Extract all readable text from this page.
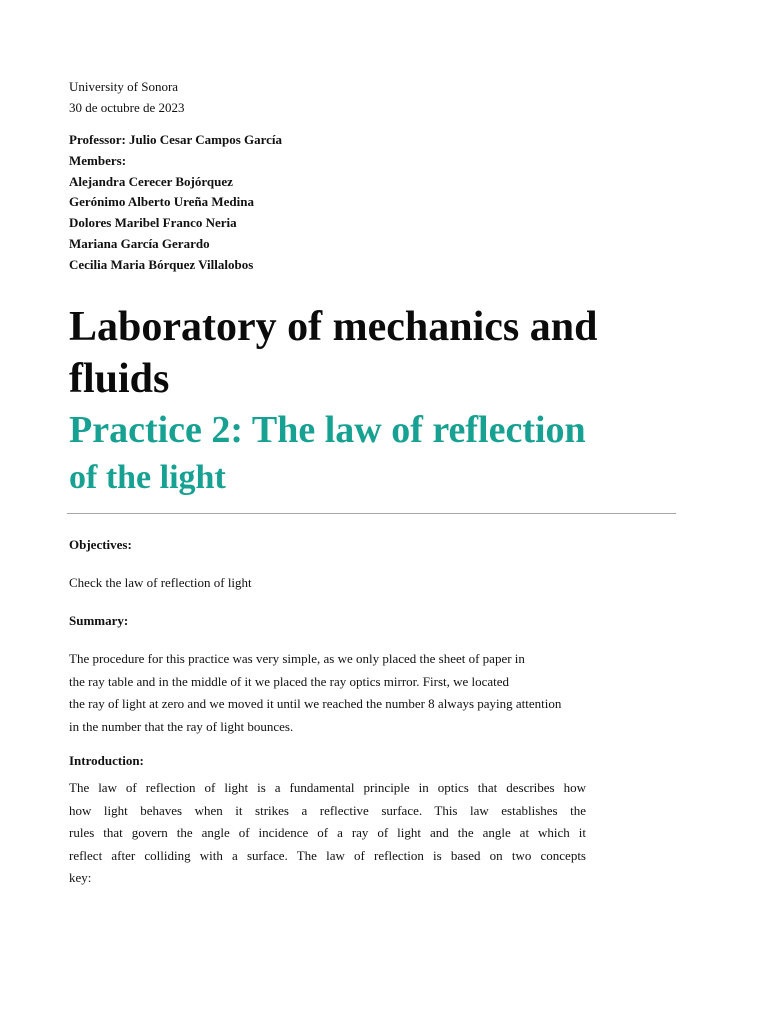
University of Sonora
30 de octubre de 2023
Professor: Julio Cesar Campos García
Members:
Alejandra Cerecer Bojórquez
Gerónimo Alberto Ureña Medina
Dolores Maribel Franco Neria
Mariana García Gerardo
Cecilia Maria Bórquez Villalobos
Laboratory of mechanics and
fluids
Practice 2: The law of reflection
of the light
Objectives:
Check the law of reflection of light
Summary:
The procedure for this practice was very simple, as we only placed the sheet of paper in
the ray table and in the middle of it we placed the ray optics mirror. First, we located
the ray of light at zero and we moved it until we reached the number 8 always paying attention
in the number that the ray of light bounces.
Introduction:
The law of reflection of light is a fundamental principle in optics that describes how
how light behaves when it strikes a reflective surface. This law establishes the
rules that govern the angle of incidence of a ray of light and the angle at which it
reflect after colliding with a surface. The law of reflection is based on two concepts
key:
